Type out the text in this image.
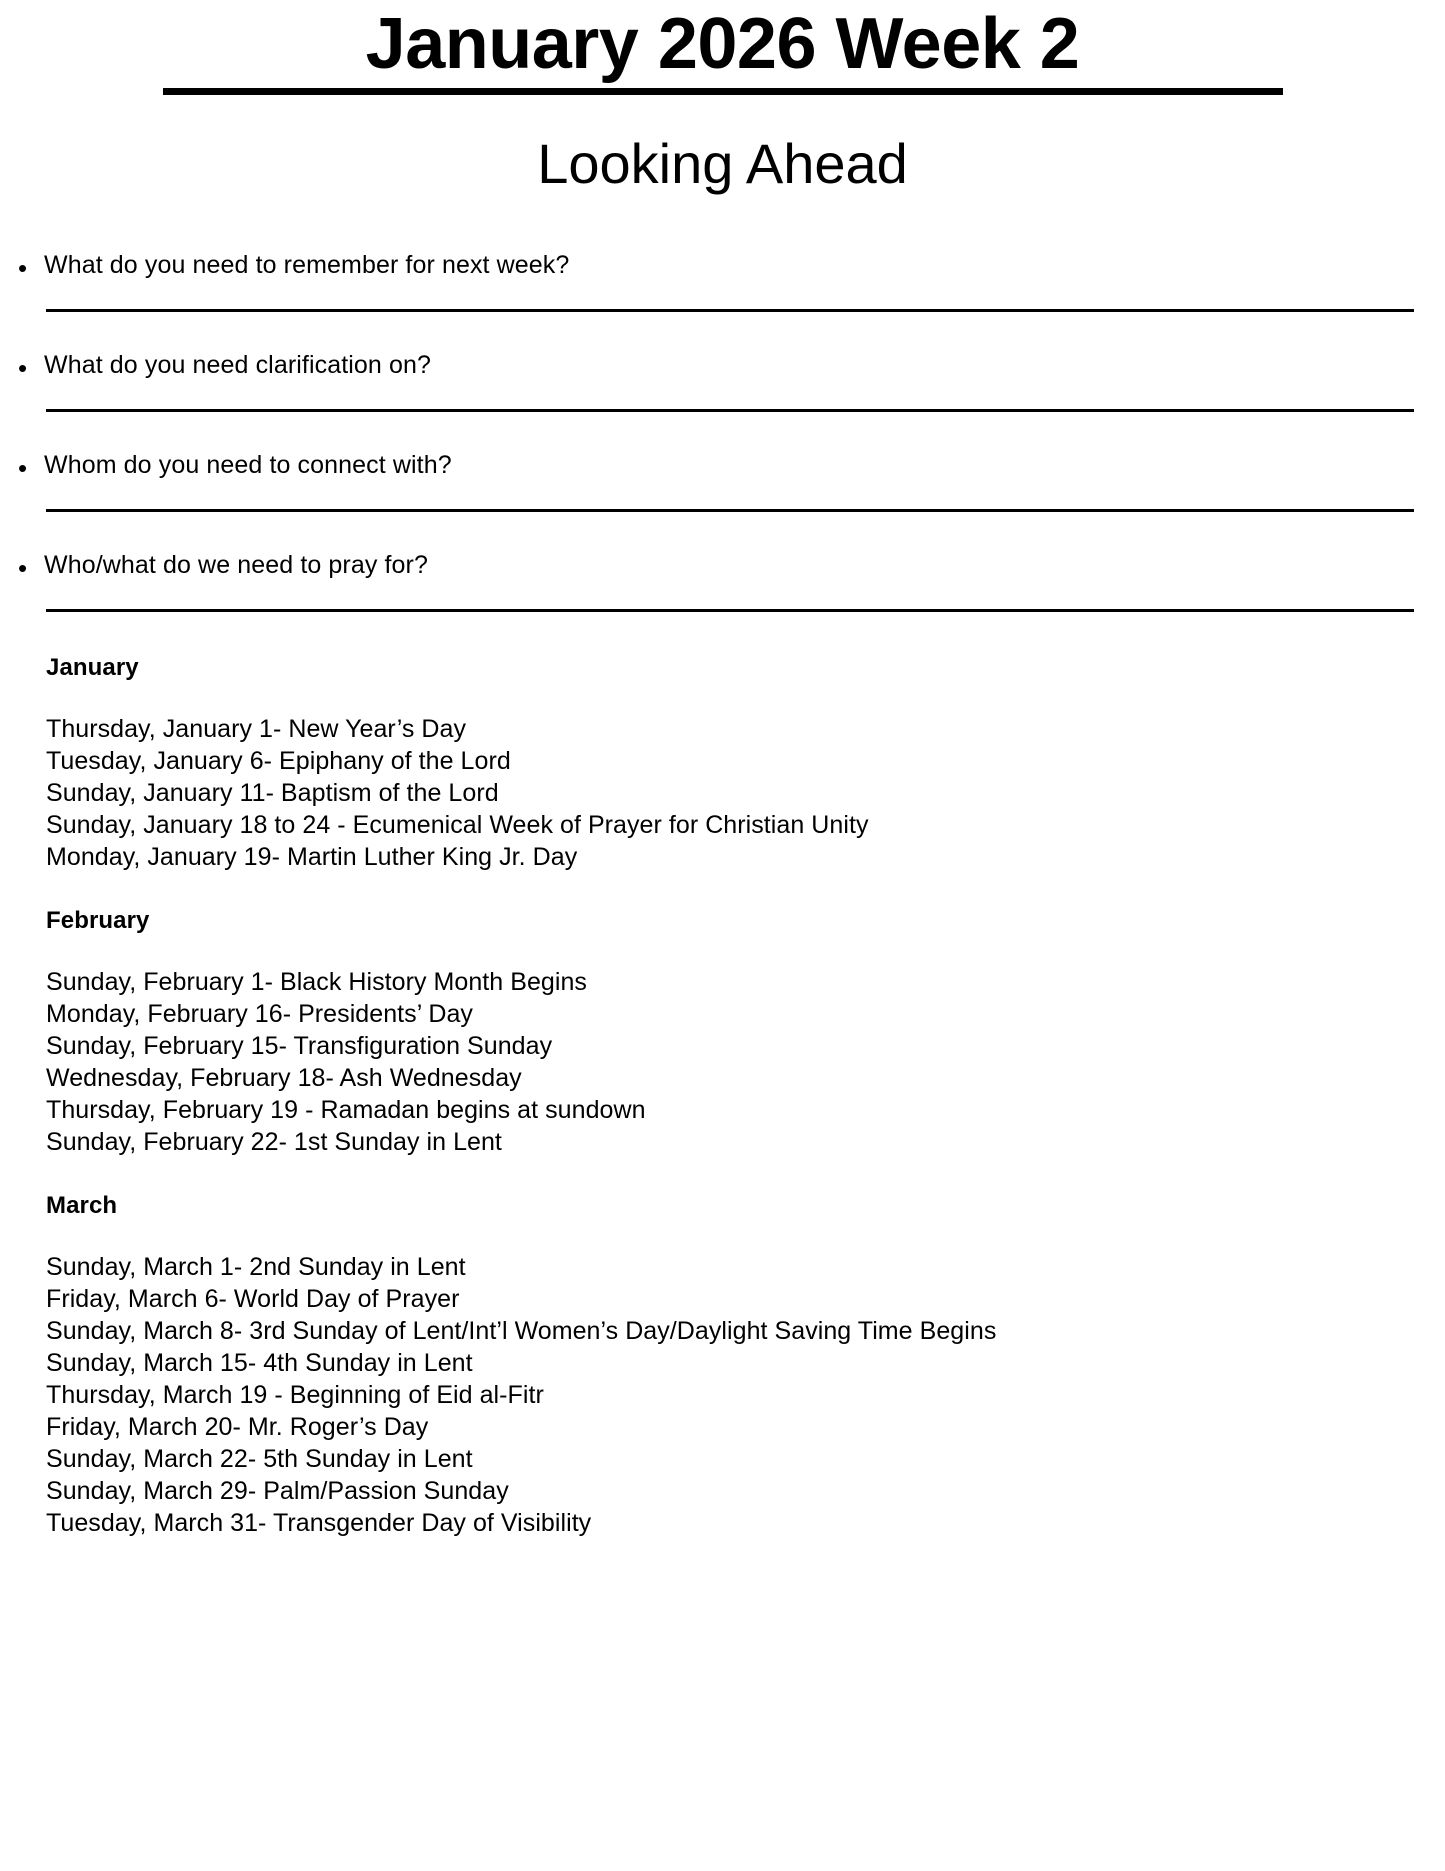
January 2026 Week 2
Looking Ahead
• What do you need to remember for next week?
• What do you need clarification on?
• Whom do you need to connect with?
• Who/what do we need to pray for?
January
Thursday, January 1- New Year’s Day
Tuesday, January 6- Epiphany of the Lord
Sunday, January 11- Baptism of the Lord
Sunday, January 18 to 24 - Ecumenical Week of Prayer for Christian Unity
Monday, January 19- Martin Luther King Jr. Day
February
Sunday, February 1- Black History Month Begins
Monday, February 16- Presidents’ Day
Sunday, February 15- Transfiguration Sunday
Wednesday, February 18- Ash Wednesday
Thursday, February 19 - Ramadan begins at sundown
Sunday, February 22- 1st Sunday in Lent
March
Sunday, March 1- 2nd Sunday in Lent
Friday, March 6- World Day of Prayer
Sunday, March 8- 3rd Sunday of Lent/Int’l Women’s Day/Daylight Saving Time Begins
Sunday, March 15- 4th Sunday in Lent
Thursday, March 19 - Beginning of Eid al-Fitr
Friday, March 20- Mr. Roger’s Day
Sunday, March 22- 5th Sunday in Lent
Sunday, March 29- Palm/Passion Sunday
Tuesday, March 31- Transgender Day of Visibility
